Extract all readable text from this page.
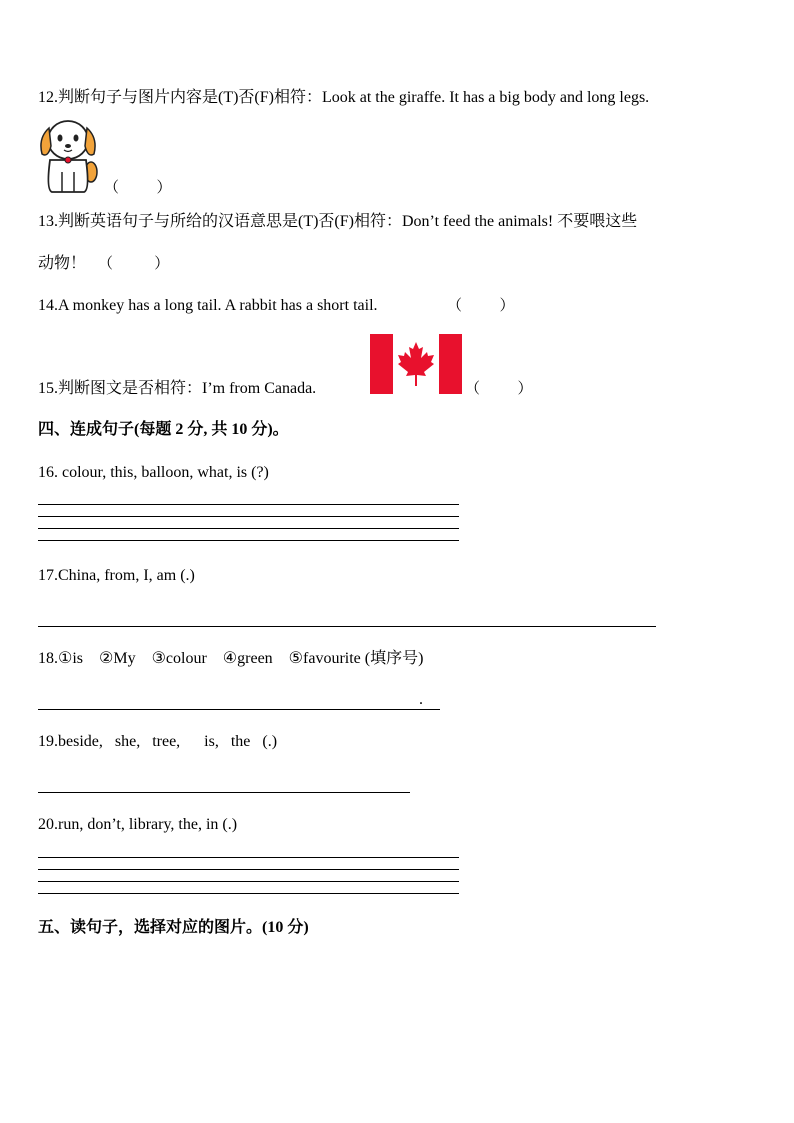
12.判断句子与图片内容是(T)否(F)相符：Look at the giraffe. It has a big body and long legs.
（          ）
13.判断英语句子与所给的汉语意思是(T)否(F)相符：Don’t feed the animals! 不要喂这些
动物！ （           ）
14.A monkey has a long tail. A rabbit has a short tail.	（          ）
15.判断图文是否相符：I’m from Canada.	（          ）
四、连成句子(每题 2 分, 共 10 分)。
16. colour, this, balloon, what, is (?)
17.China, from, I, am (.)
18.①is    ②My    ③colour    ④green    ⑤favourite (填序号)
.
19.beside,   she,   tree,      is,   the   (.)
20.run, don’t, library, the, in (.)
五、读句子，选择对应的图片。(10 分)
